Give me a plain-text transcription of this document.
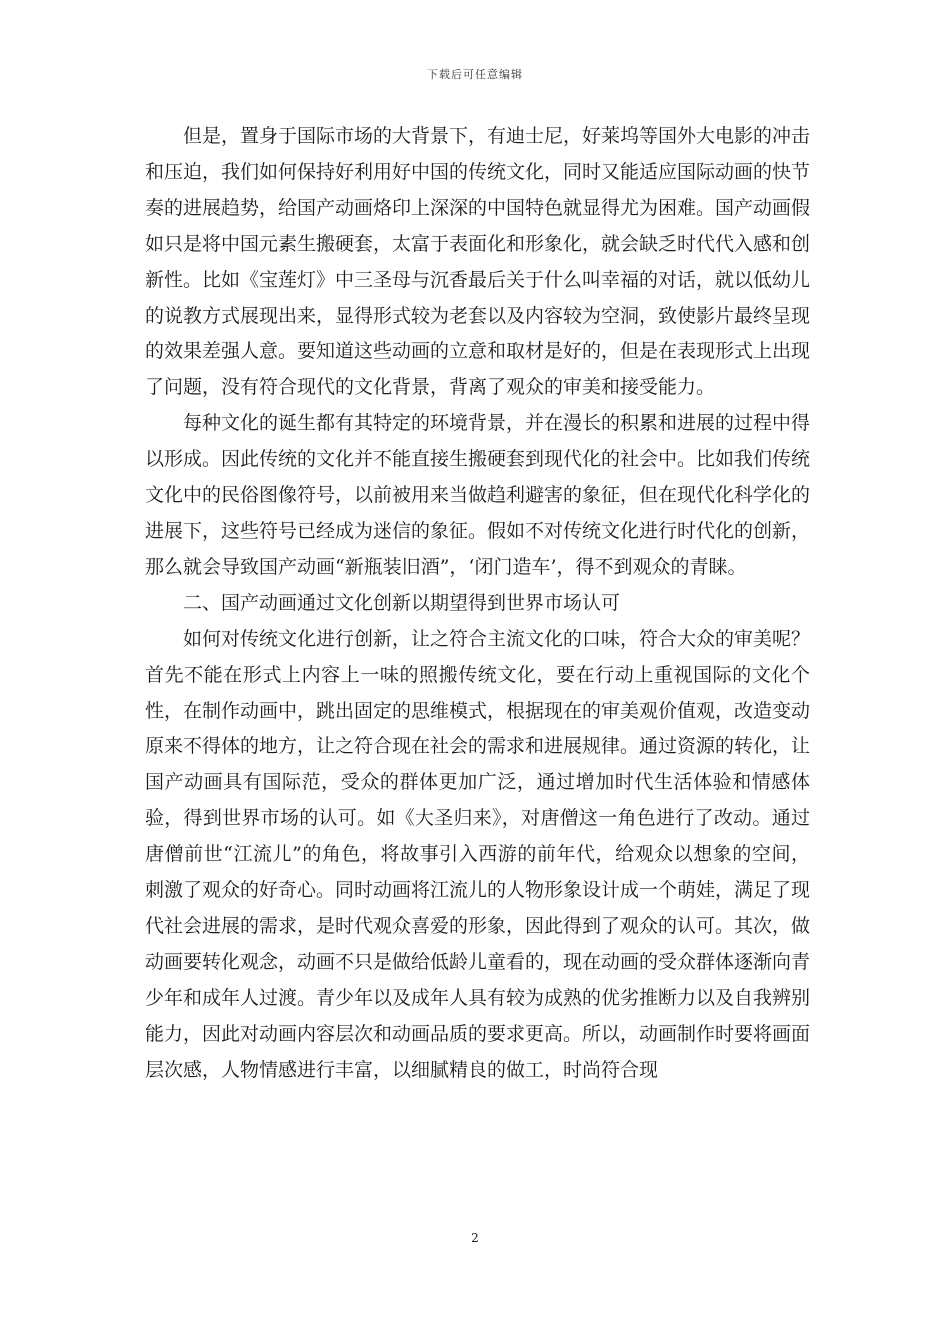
下载后可任意编辑

但是，置身于国际市场的大背景下，有迪士尼，好莱坞等国外大电影的冲击和压迫，我们如何保持好利用好中国的传统文化，同时又能适应国际动画的快节奏的进展趋势，给国产动画烙印上深深的中国特色就显得尤为困难。国产动画假如只是将中国元素生搬硬套，太富于表面化和形象化，就会缺乏时代代入感和创新性。比如《宝莲灯》中三圣母与沉香最后关于什么叫幸福的对话，就以低幼儿的说教方式展现出来，显得形式较为老套以及内容较为空洞，致使影片最终呈现的效果差强人意。要知道这些动画的立意和取材是好的，但是在表现形式上出现了问题，没有符合现代的文化背景，背离了观众的审美和接受能力。

每种文化的诞生都有其特定的环境背景，并在漫长的积累和进展的过程中得以形成。因此传统的文化并不能直接生搬硬套到现代化的社会中。比如我们传统文化中的民俗图像符号，以前被用来当做趋利避害的象征，但在现代化科学化的进展下，这些符号已经成为迷信的象征。假如不对传统文化进行时代化的创新，那么就会导致国产动画“新瓶装旧酒”，‘闭门造车’，得不到观众的青睐。

二、国产动画通过文化创新以期望得到世界市场认可

如何对传统文化进行创新，让之符合主流文化的口味，符合大众的审美呢？首先不能在形式上内容上一味的照搬传统文化，要在行动上重视国际的文化个性，在制作动画中，跳出固定的思维模式，根据现在的审美观价值观，改造变动原来不得体的地方，让之符合现在社会的需求和进展规律。通过资源的转化，让国产动画具有国际范，受众的群体更加广泛，通过增加时代生活体验和情感体验，得到世界市场的认可。如《大圣归来》，对唐僧这一角色进行了改动。通过唐僧前世“江流儿”的角色，将故事引入西游的前年代，给观众以想象的空间，刺激了观众的好奇心。同时动画将江流儿的人物形象设计成一个萌娃，满足了现代社会进展的需求，是时代观众喜爱的形象，因此得到了观众的认可。其次，做动画要转化观念，动画不只是做给低龄儿童看的，现在动画的受众群体逐渐向青少年和成年人过渡。青少年以及成年人具有较为成熟的优劣推断力以及自我辨别能力，因此对动画内容层次和动画品质的要求更高。所以，动画制作时要将画面层次感，人物情感进行丰富，以细腻精良的做工，时尚符合现

2
